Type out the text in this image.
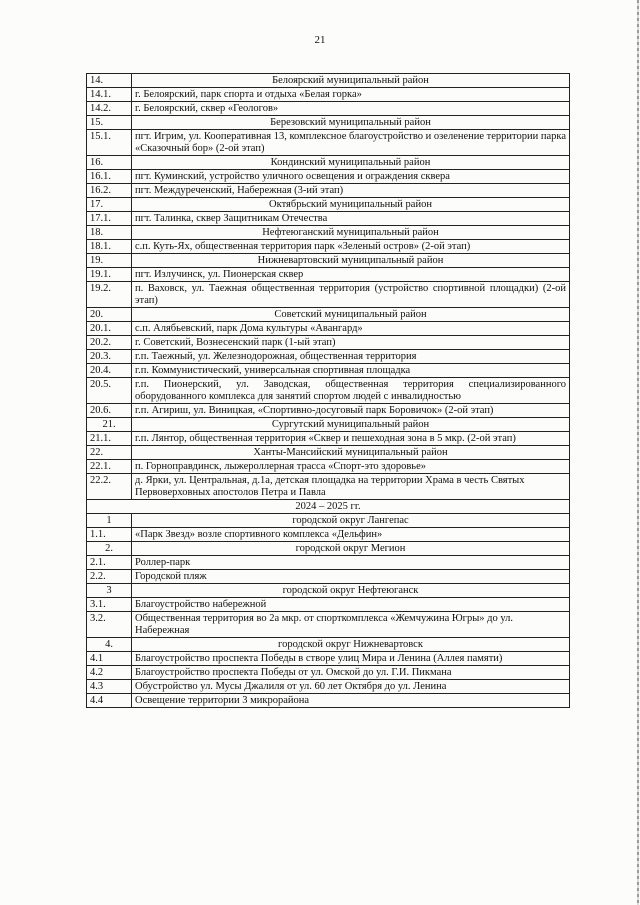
21
14.	Белоярский муниципальный район
14.1.	г. Белоярский, парк спорта и отдыха «Белая горка»
14.2.	г. Белоярский, сквер «Геологов»
15.	Березовский муниципальный район
15.1.	пгт. Игрим, ул. Кооперативная 13, комплексное благоустройство и озеленение территории парка «Сказочный бор» (2-ой этап)
16.	Кондинский муниципальный район
16.1.	пгт. Куминский, устройство уличного освещения и ограждения сквера
16.2.	пгт. Междуреченский, Набережная (3-ий этап)
17.	Октябрьский муниципальный район
17.1.	пгт. Талинка, сквер Защитникам Отечества
18.	Нефтеюганский муниципальный район
18.1.	с.п. Куть-Ях, общественная территория парк «Зеленый остров» (2-ой этап)
19.	Нижневартовский муниципальный район
19.1.	пгт. Излучинск, ул. Пионерская сквер
19.2.	п. Ваховск, ул. Таежная общественная территория (устройство спортивной площадки) (2-ой этап)
20.	Советский муниципальный район
20.1.	с.п. Алябьевский, парк Дома культуры «Авангард»
20.2.	г. Советский, Вознесенский парк (1-ый этап)
20.3.	г.п. Таежный, ул. Железнодорожная, общественная территория
20.4.	г.п. Коммунистический, универсальная спортивная площадка
20.5.	г.п. Пионерский, ул. Заводская, общественная территория специализированного оборудованного комплекса для занятий спортом людей с инвалидностью
20.6.	г.п. Агириш, ул. Виницкая, «Спортивно-досуговый парк Боровичок» (2-ой этап)
21.	Сургутский муниципальный район
21.1.	г.п. Лянтор, общественная территория «Сквер и пешеходная зона в 5 мкр. (2-ой этап)
22.	Ханты-Мансийский муниципальный район
22.1.	п. Горноправдинск, лыжероллерная трасса «Спорт-это здоровье»
22.2.	д. Ярки, ул. Центральная, д.1а, детская площадка на территории Храма в честь Святых Первоверховных апостолов Петра и Павла
2024 – 2025 гг.	
1	городской округ Лангепас
1.1.	«Парк Звезд» возле спортивного комплекса «Дельфин»
2.	городской округ Мегион
2.1.	Роллер-парк
2.2.	Городской пляж
3	городской округ Нефтеюганск
3.1.	Благоустройство набережной
3.2.	Общественная территория во 2а мкр. от спорткомплекса «Жемчужина Югры» до ул. Набережная
4.	городской округ Нижневартовск
4.1	Благоустройство проспекта Победы в створе улиц Мира и Ленина (Аллея памяти)
4.2	Благоустройство проспекта Победы от ул. Омской до ул. Г.И. Пикмана
4.3	Обустройство ул. Мусы Джалиля от ул. 60 лет Октября до ул. Ленина
4.4	Освещение территории 3 микрорайона
